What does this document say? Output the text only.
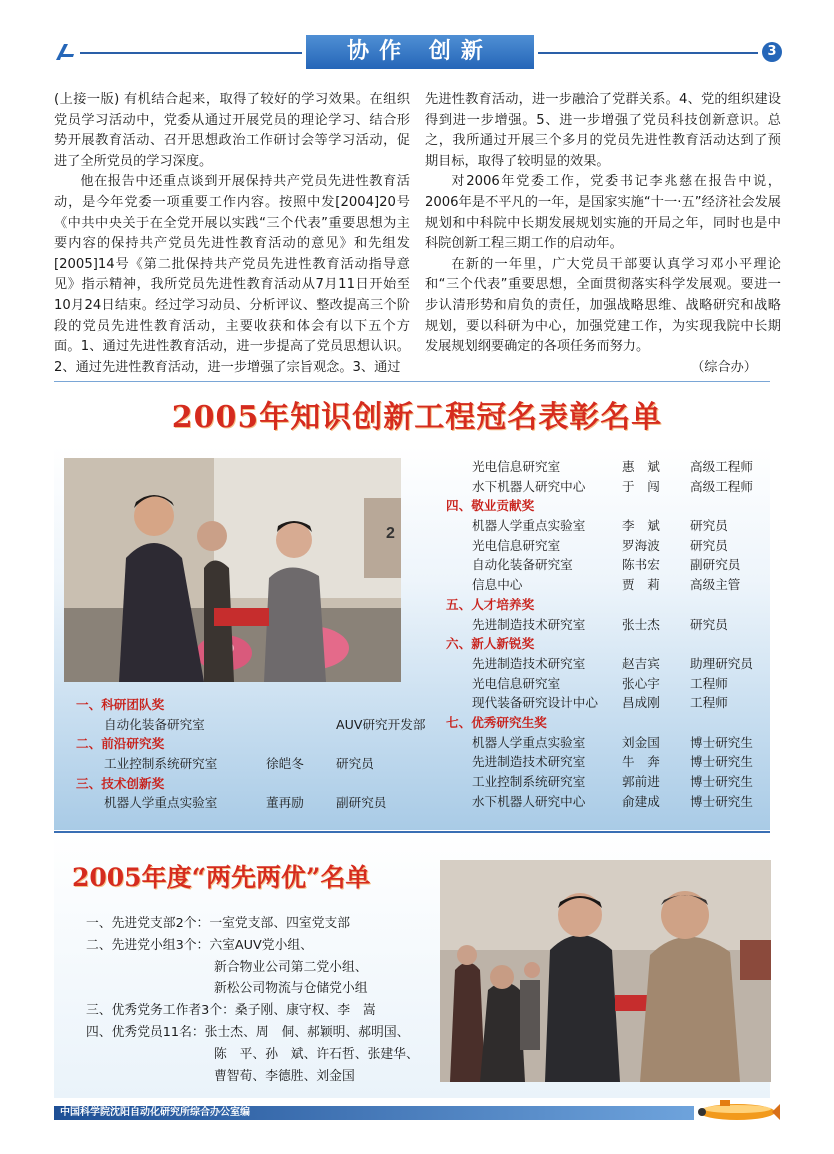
协作 创新	3

(上接一版) 有机结合起来，取得了较好的学习效果。在组织党员学习活动中，党委从通过开展党员的理论学习、结合形势开展教育活动、召开思想政治工作研讨会等学习活动，促进了全所党员的学习深度。

他在报告中还重点谈到开展保持共产党员先进性教育活动，是今年党委一项重要工作内容。按照中发[2004]20号《中共中央关于在全党开展以实践“三个代表”重要思想为主要内容的保持共产党员先进性教育活动的意见》和先组发[2005]14号《第二批保持共产党员先进性教育活动指导意见》指示精神，我所党员先进性教育活动从7月11日开始至10月24日结束。经过学习动员、分析评议、整改提高三个阶段的党员先进性教育活动，主要收获和体会有以下五个方面。1、通过先进性教育活动，进一步提高了党员思想认识。2、通过先进性教育活动，进一步增强了宗旨观念。3、通过

先进性教育活动，进一步融洽了党群关系。4、党的组织建设得到进一步增强。5、进一步增强了党员科技创新意识。总之，我所通过开展三个多月的党员先进性教育活动达到了预期目标，取得了较明显的效果。

对2006年党委工作，党委书记李兆慈在报告中说，2006年是不平凡的一年，是国家实施“十一·五”经济社会发展规划和中科院中长期发展规划实施的开局之年，同时也是中科院创新工程三期工作的启动年。

在新的一年里，广大党员干部要认真学习邓小平理论和“三个代表”重要思想，全面贯彻落实科学发展观。要进一步认清形势和肩负的责任，加强战略思维、战略研究和战略规划，要以科研为中心，加强党建工作，为实现我院中长期发展规划纲要确定的各项任务而努力。

（综合办）

2005年知识创新工程冠名表彰名单
2
一、科研团队奖
自动化装备研究室	AUV研究开发部
二、前沿研究奖
工业控制系统研究室	徐皑冬	研究员
三、技术创新奖
机器人学重点实验室	董再励	副研究员
光电信息研究室	惠　斌 高级工程师
水下机器人研究中心	于　闯 高级工程师
四、敬业贡献奖
机器人学重点实验室	李　斌 研究员
光电信息研究室	罗海波 研究员
自动化装备研究室	陈书宏 副研究员
信息中心	贾　莉 高级主管
五、人才培养奖
先进制造技术研究室	张士杰 研究员
六、新人新锐奖
先进制造技术研究室	赵吉宾 助理研究员
光电信息研究室	张心宇 工程师
现代装备研究设计中心 昌成刚 工程师
七、优秀研究生奖
机器人学重点实验室	刘金国 博士研究生
先进制造技术研究室	牛　奔 博士研究生
工业控制系统研究室	郭前进 博士研究生
水下机器人研究中心	俞建成 博士研究生
2005年度“两先两优”名单
一、先进党支部2个：一室党支部、四室党支部
二、先进党小组3个：六室AUV党小组、
新合物业公司第二党小组、
新松公司物流与仓储党小组
三、优秀党务工作者3个：桑子刚、康守权、李　嵩
四、优秀党员11名：张士杰、周　侗、郝颖明、郝明国、
陈　平、孙　斌、许石哲、张建华、
曹智荀、李德胜、刘金国
中国科学院沈阳自动化研究所综合办公室编
